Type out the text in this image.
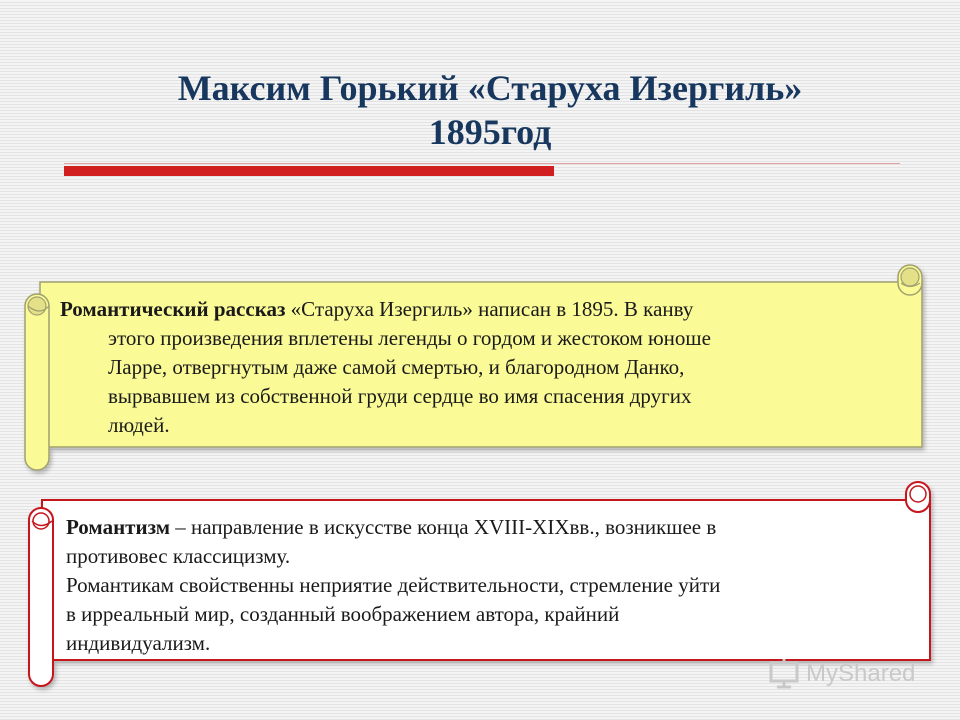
Максим Горький «Старуха Изергиль»
1895год
Романтический рассказ «Старуха Изергиль» написан в 1895. В канву
этого произведения вплетены легенды о гордом и жестоком юноше
Ларре, отвергнутым даже самой смертью, и благородном Данко,
вырвавшем из собственной груди сердце во имя спасения других
людей.
Романтизм – направление в искусстве конца XVIII-XIXвв., возникшее в
противовес классицизму.
Романтикам свойственны неприятие действительности, стремление уйти
в ирреальный мир, созданный воображением автора, крайний
индивидуализм.
MyShared
